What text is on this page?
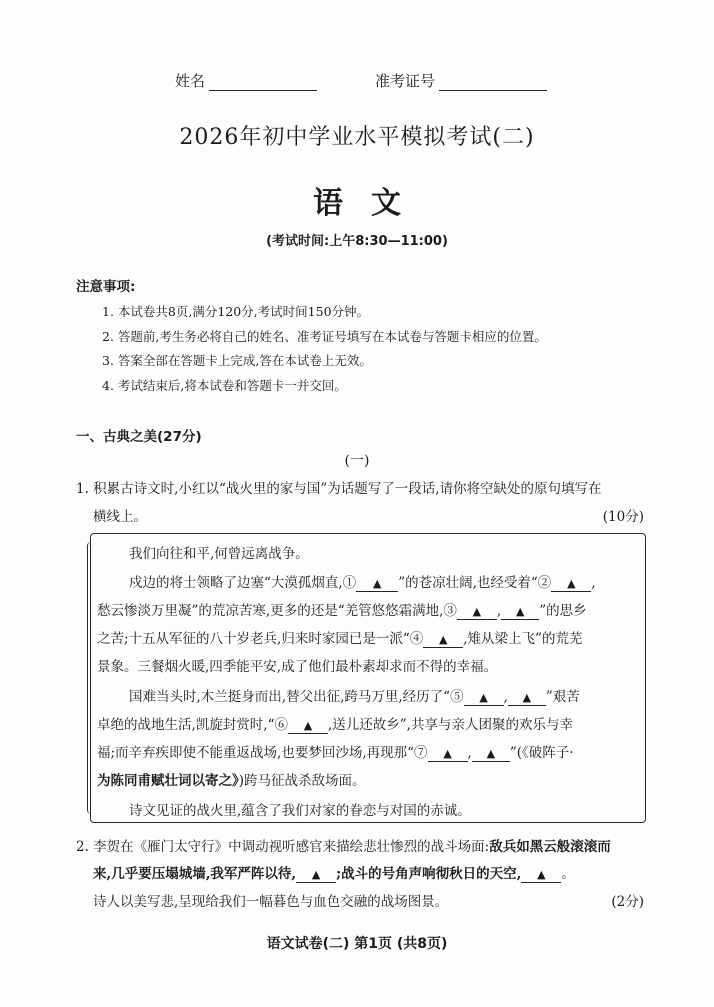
姓名	准考证号
2026年初中学业水平模拟考试(二)
语文
(考试时间:上午8:30—11:00)
注意事项:
1. 本试卷共8页,满分120分,考试时间150分钟。
2. 答题前,考生务必将自己的姓名、准考证号填写在本试卷与答题卡相应的位置。
3. 答案全部在答题卡上完成,答在本试卷上无效。
4. 考试结束后,将本试卷和答题卡一并交回。
一、古典之美(27分)
(一)
1. 积累古诗文时,小红以“战火里的家与国”为话题写了一段话,请你将空缺处的原句填写在
横线上。	(10分)
我们向往和平,何曾远离战争。
戍边的将士领略了边塞“大漠孤烟直,① ▲ ”的苍凉壮阔,也经受着“② ▲ ,
愁云惨淡万里凝”的荒凉苦寒,更多的还是“羌管悠悠霜满地,③ ▲ , ▲ ”的思乡
之苦;十五从军征的八十岁老兵,归来时家园已是一派“④ ▲ ,雉从梁上飞”的荒芜
景象。三餐烟火暖,四季能平安,成了他们最朴素却求而不得的幸福。
国难当头时,木兰挺身而出,替父出征,跨马万里,经历了“⑤ ▲ , ▲ ”艰苦
卓绝的战地生活,凯旋封赏时,“⑥ ▲ ,送儿还故乡”,共享与亲人团聚的欢乐与幸
福;而辛弃疾即使不能重返战场,也要梦回沙场,再现那“⑦ ▲ , ▲ ”(《破阵子·
为陈同甫赋壮词以寄之》)跨马征战杀敌场面。
诗文见证的战火里,蕴含了我们对家的眷恋与对国的赤诚。
2. 李贺在《雁门太守行》中调动视听感官来描绘悲壮惨烈的战斗场面:敌兵如黑云般滚滚而
来,几乎要压塌城墙,我军严阵以待, ▲ ;战斗的号角声响彻秋日的天空, ▲ 。
诗人以美写悲,呈现给我们一幅暮色与血色交融的战场图景。	(2分)
语文试卷(二) 第1页 (共8页)
